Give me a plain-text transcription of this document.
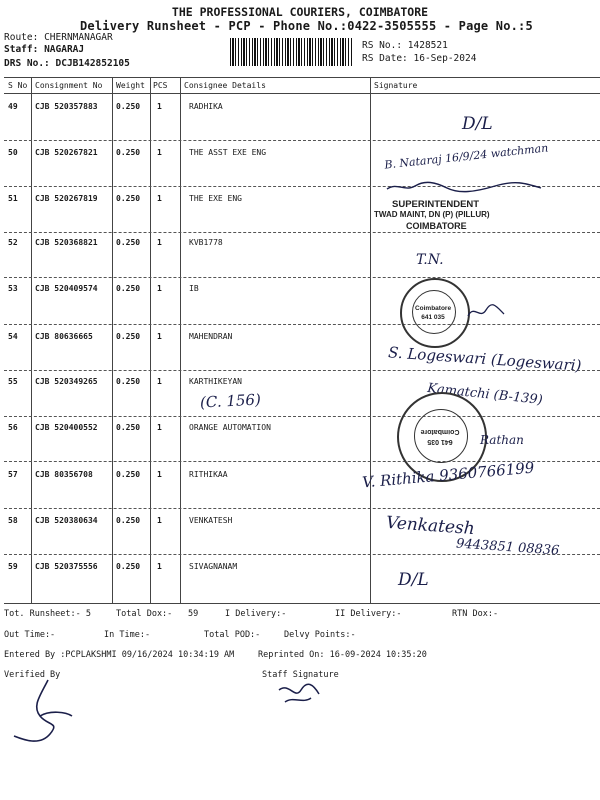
THE PROFESSIONAL COURIERS, COIMBATORE
Delivery Runsheet - PCP - Phone No.:0422-3505555 - Page No.:5
Route: CHERNMANAGAR
Staff: NAGARAJ
DRS No.: DCJB142852105
RS No.: 1428521
RS Date: 16-Sep-2024
S No Consignment No Weight PCS Consignee Details	Signature
49 CJB 520357883 0.250 1	RADHIKA
50 CJB 520267821 0.250 1	THE ASST EXE ENG
51 CJB 520267819 0.250 1	THE EXE ENG
52 CJB 520368821 0.250 1	KVB1778
53 CJB 520409574 0.250 1	IB
54 CJB 80636665	0.250 1	MAHENDRAN
55 CJB 520349265 0.250 1	KARTHIKEYAN
56 CJB 520400552 0.250 1	ORANGE AUTOMATION
57 CJB 80356708	0.250 1	RITHIKAA
58 CJB 520380634 0.250 1	VENKATESH
59 CJB 520375556 0.250 1	SIVAGNANAM
D/L
B. Nataraj 16/9/24 watchman
SUPERINTENDENT
TWAD MAINT, DN (P) (PILLUR)
COIMBATORE
T.N.
Coimbatore
641 035
S. Logeswari (Logeswari)
(C. 156)	Kamatchi (B-139)
Coimbatore
641 035	Rathan
V. Rithika 9360766199
Venkatesh
9443851 08836
D/L
Tot. Runsheet:- 5	Total Dox:- 59	I Delivery:-	II Delivery:-	RTN Dox:-
Out Time:-	In Time:-	Total POD:-	Delvy Points:-
Entered By :PCPLAKSHMI 09/16/2024 10:34:19 AM	Reprinted On: 16-09-2024 10:35:20
Verified By	Staff Signature
